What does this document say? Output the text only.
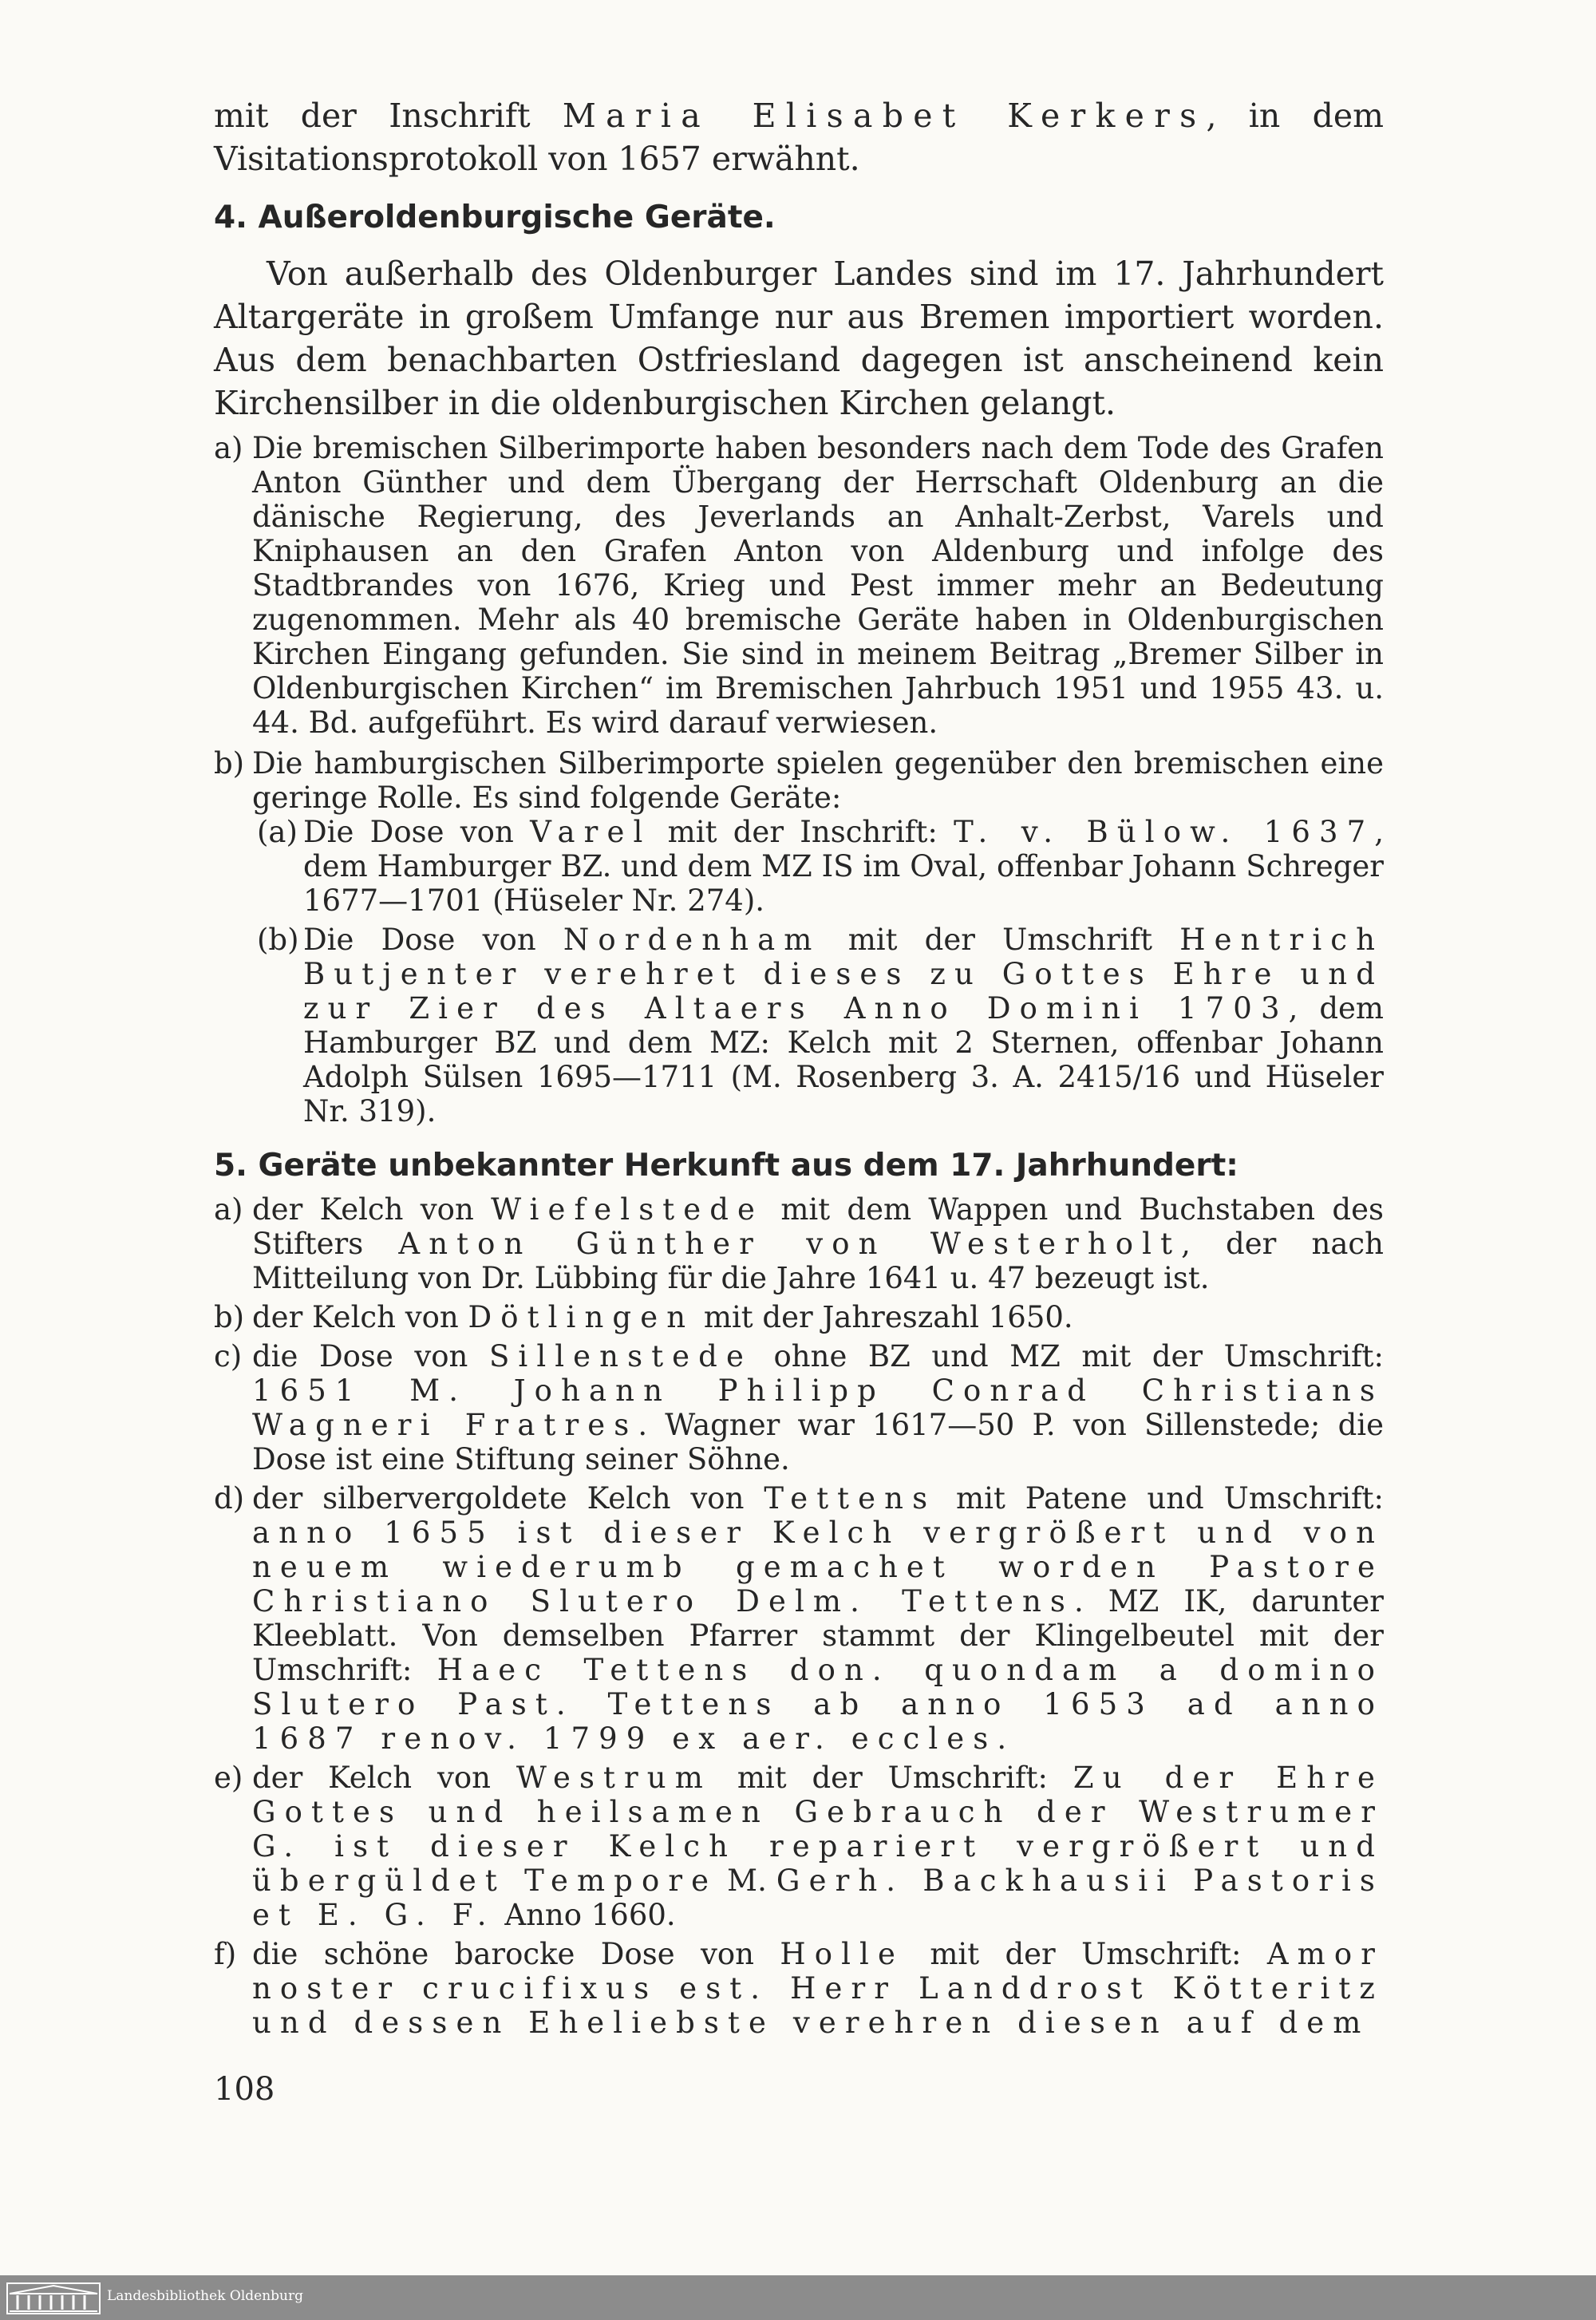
mit der Inschrift Maria Elisabet Kerkers, in dem Visitationsprotokoll von 1657 erwähnt.

4. Außeroldenburgische Geräte.

Von außerhalb des Oldenburger Landes sind im 17. Jahrhundert Altargeräte in großem Umfange nur aus Bremen importiert worden. Aus dem benachbarten Ostfriesland dagegen ist anscheinend kein Kirchensilber in die oldenburgischen Kirchen gelangt.

a) Die bremischen Silberimporte haben besonders nach dem Tode des Grafen Anton Günther und dem Übergang der Herrschaft Oldenburg an die dänische Regierung, des Jeverlands an Anhalt-Zerbst, Varels und Kniphausen an den Grafen Anton von Aldenburg und infolge des Stadtbrandes von 1676, Krieg und Pest immer mehr an Bedeutung zugenommen. Mehr als 40 bremische Geräte haben in Oldenburgischen Kirchen Eingang gefunden. Sie sind in meinem Beitrag „Bremer Silber in Oldenburgischen Kirchen“ im Bremischen Jahrbuch 1951 und 1955 43. u. 44. Bd. aufgeführt. Es wird darauf verwiesen.

b) Die hamburgischen Silberimporte spielen gegenüber den bremischen eine geringe Rolle. Es sind folgende Geräte:

(a) Die Dose von Varel mit der Inschrift: T. v. Bülow. 1637, dem Hamburger BZ. und dem MZ IS im Oval, offenbar Johann Schreger 1677—1701 (Hüseler Nr. 274).

(b) Die Dose von Nordenham mit der Umschrift Hentrich Butjenter verehret dieses zu Gottes Ehre und zur Zier des Altaers Anno Domini 1703, dem Hamburger BZ und dem MZ: Kelch mit 2 Sternen, offenbar Johann Adolph Sülsen 1695—1711 (M. Rosenberg 3. A. 2415/16 und Hüseler Nr. 319).

5. Geräte unbekannter Herkunft aus dem 17. Jahrhundert:
a) der Kelch von Wiefelstede mit dem Wappen und Buchstaben des Stifters Anton Günther von Westerholt, der nach Mitteilung von Dr. Lübbing für die Jahre 1641 u. 47 bezeugt ist.

b) der Kelch von Dötlingen mit der Jahreszahl 1650.

c) die Dose von Sillenstede ohne BZ und MZ mit der Umschrift: 1651 M. Johann Philipp Conrad Christians Wagneri Fratres. Wagner war 1617—50 P. von Sillenstede; die Dose ist eine Stiftung seiner Söhne.

d) der silbervergoldete Kelch von Tettens mit Patene und Umschrift: anno 1655 ist dieser Kelch vergrößert und von neuem wiederumb gemachet worden Pastore Christiano Slutero Delm. Tettens. MZ IK, darunter Kleeblatt. Von demselben Pfarrer stammt der Klingelbeutel mit der Umschrift: Haec Tettens don. quondam a domino Slutero Past. Tettens ab anno 1653 ad anno 1687 renov. 1799 ex aer. eccles.

e) der Kelch von Westrum mit der Umschrift: Zu der Ehre Gottes und heilsamen Gebrauch der Westrumer G. ist dieser Kelch repariert vergrößert und übergüldet Tempore M. Gerh. Backhausii Pastoris et E. G. F. Anno 1660.

f) die schöne barocke Dose von Holle mit der Umschrift: Amor noster crucifixus est. Herr Landdrost Kötteritz und dessen Eheliebste verehren diesen auf dem

108
Landesbibliothek Oldenburg
